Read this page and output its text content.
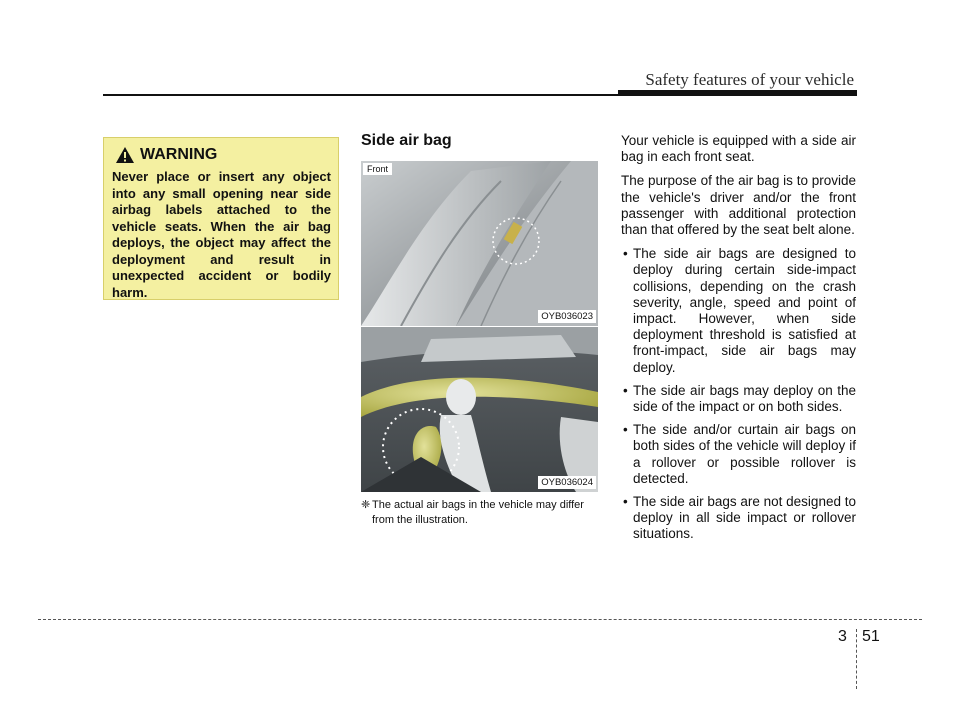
Safety features of your vehicle
WARNING

Never place or insert any object into any small opening near side airbag labels attached to the vehicle seats. When the air bag deploys, the object may affect the deployment and result in unexpected accident or bodily harm.

Side air bag
Front
OYB036023
OYB036024
❈ The actual air bags in the vehicle may differ
from the illustration.

Your vehicle is equipped with a side air bag in each front seat.

The purpose of the air bag is to provide the vehicle's driver and/or the front passenger with additional protection than that offered by the seat belt alone.

• The side air bags are designed to deploy during certain side-impact collisions, depending on the crash severity, angle, speed and point of impact. However, when side deployment threshold is satisfied at front-impact, side air bags may deploy.
• The side air bags may deploy on the side of the impact or on both sides.
• The side and/or curtain air bags on both sides of the vehicle will deploy if a rollover or possible rollover is detected.
• The side air bags are not designed to deploy in all side impact or rollover situations.
3 51
